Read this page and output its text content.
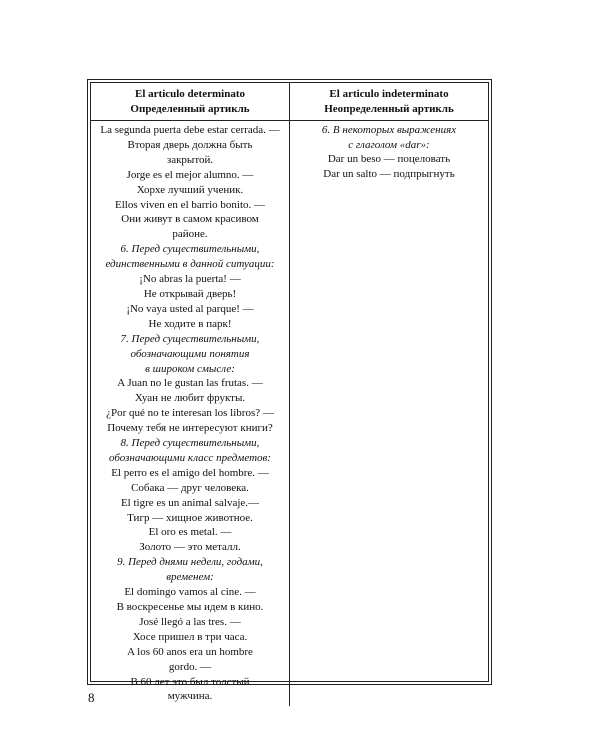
El articulo determinato
Определенный артикль
El articulo indeterminato
Неопределенный артикль
La segunda puerta debe estar cerrada. —
Вторая дверь должна быть
закрытой.
Jorge es el mejor alumno. —
Хорхе лучший ученик.
Ellos viven en el barrio bonito. —
Они живут в самом красивом
районе.
6. Перед существительными,
единственными в данной ситуации:
¡No abras la puerta! —
Не открывай дверь!
¡No vaya usted al parque! —
Не ходите в парк!
7. Перед существительными,
обозначающими понятия
в широком смысле:
A Juan no le gustan las frutas. —
Хуан не любит фрукты.
¿Por qué no te interesan los libros? —
Почему тебя не интересуют книги?
8. Перед существительными,
обозначающими класс предметов:
El perro es el amigo del hombre. —
Собака — друг человека.
El tigre es un animal salvaje.—
Тигр — хищное животное.
El oro es metal. —
Золото — это металл.
9. Перед днями недели, годами,
временем:
El domingo vamos al cine. —
В воскресенье мы идем в кино.
José llegó a las tres. —
Хосе пришел в три часа.
A los 60 anos era un hombre
gordo. —
В 60 лет это был толстый
мужчина.
6. В некоторых выражениях
с глаголом «dar»:
Dar un beso — поцеловать
Dar un salto — подпрыгнуть
8
